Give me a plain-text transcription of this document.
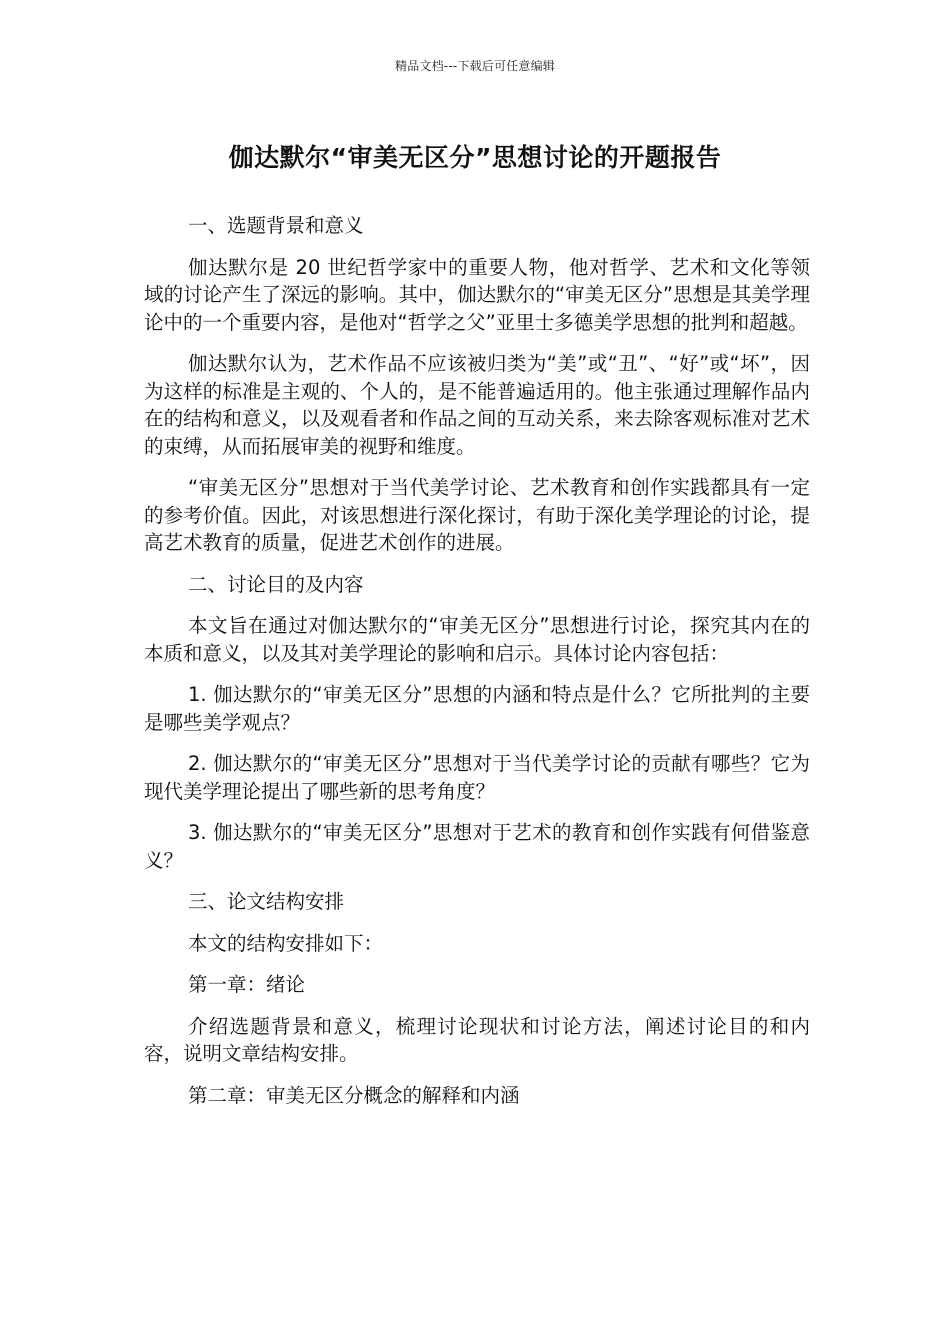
精品文档---下载后可任意编辑
伽达默尔“审美无区分”思想讨论的开题报告

一、选题背景和意义

伽达默尔是 20 世纪哲学家中的重要人物，他对哲学、艺术和文化等领域的讨论产生了深远的影响。其中，伽达默尔的“审美无区分”思想是其美学理论中的一个重要内容，是他对“哲学之父”亚里士多德美学思想的批判和超越。

伽达默尔认为，艺术作品不应该被归类为“美”或“丑”、“好”或“坏”，因为这样的标准是主观的、个人的，是不能普遍适用的。他主张通过理解作品内在的结构和意义，以及观看者和作品之间的互动关系，来去除客观标准对艺术的束缚，从而拓展审美的视野和维度。

“审美无区分”思想对于当代美学讨论、艺术教育和创作实践都具有一定的参考价值。因此，对该思想进行深化探讨，有助于深化美学理论的讨论，提高艺术教育的质量，促进艺术创作的进展。

二、讨论目的及内容

本文旨在通过对伽达默尔的“审美无区分”思想进行讨论，探究其内在的本质和意义，以及其对美学理论的影响和启示。具体讨论内容包括：

1. 伽达默尔的“审美无区分”思想的内涵和特点是什么？它所批判的主要是哪些美学观点？

2. 伽达默尔的“审美无区分”思想对于当代美学讨论的贡献有哪些？它为现代美学理论提出了哪些新的思考角度？

3. 伽达默尔的“审美无区分”思想对于艺术的教育和创作实践有何借鉴意义？

三、论文结构安排

本文的结构安排如下：

第一章：绪论

介绍选题背景和意义，梳理讨论现状和讨论方法，阐述讨论目的和内容，说明文章结构安排。

第二章：审美无区分概念的解释和内涵
